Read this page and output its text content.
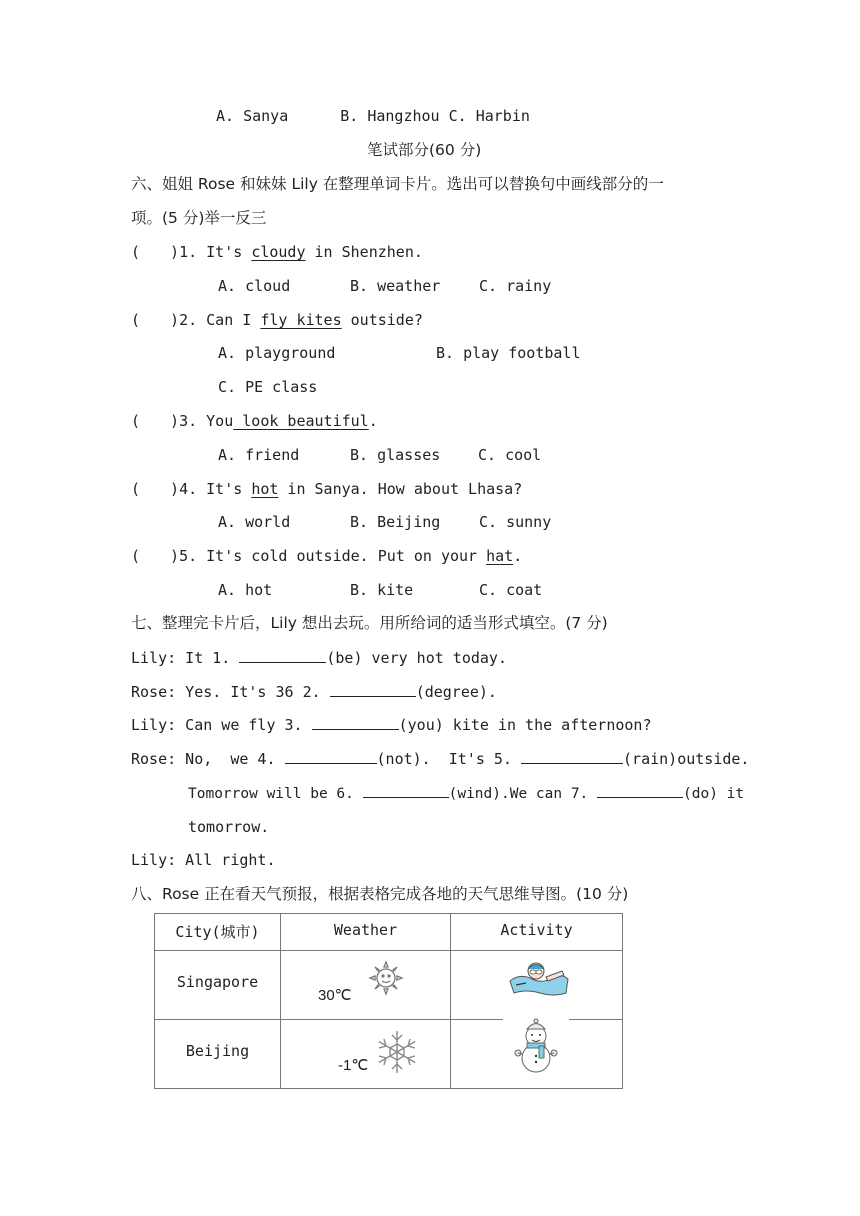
A. Sanya	B. Hangzhou C. Harbin
笔试部分(60 分)
六、姐姐 Rose 和妹妹 Lily 在整理单词卡片。选出可以替换句中画线部分的一
项。(5 分)举一反三
( )1. It's cloudy in Shenzhen.
A. cloud	B. weather	C. rainy
( )2. Can I fly kites outside?
A. playground	B. play football
C. PE class
( )3. You look beautiful.
A. friend	B. glasses	C. cool
( )4. It's hot in Sanya. How about Lhasa?
A. world	B. Beijing	C. sunny
( )5. It's cold outside. Put on your hat.
A. hot	B. kite	C. coat
七、整理完卡片后，Lily 想出去玩。用所给词的适当形式填空。(7 分)
Lily: It 1.	(be) very hot today.
Rose: Yes. It's 36 2.	(degree).
Lily: Can we fly 3.	(you) kite in the afternoon?
Rose: No,  we 4.	(not).  It's 5.	(rain)outside.
Tomorrow will be 6.	(wind).We can 7.	(do) it
tomorrow.
Lily: All right.
八、Rose 正在看天气预报，根据表格完成各地的天气思维导图。(10 分)
City(城市)	Weather	Activity
Singapore	30℃

Beijing	-1℃
